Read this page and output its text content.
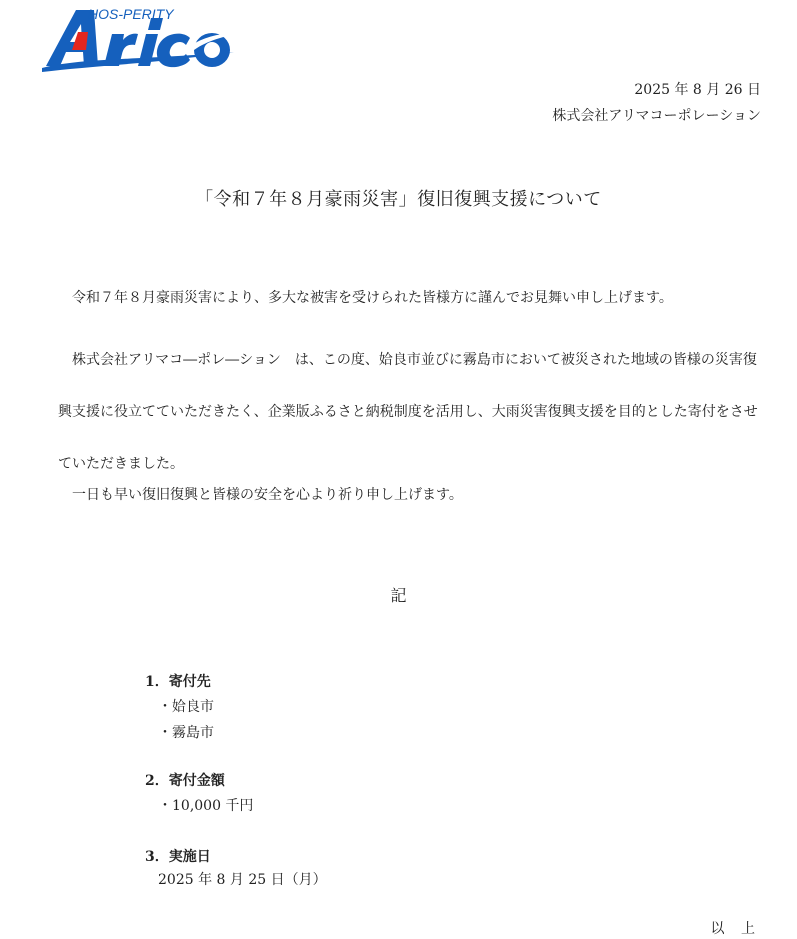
HOS-PERITY
Arico
2025 年 8 月 26 日
株式会社アリマコーポレーション
「令和７年８月豪雨災害」復旧復興支援について

令和７年８月豪雨災害により、多大な被害を受けられた皆様方に謹んでお見舞い申し上げます。

株式会社アリマコ―ポレ―ション　は、この度、姶良市並びに霧島市において被災された地域の皆様の災害復興支援に役立てていただきたく、企業版ふるさと納税制度を活用し、大雨災害復興支援を目的とした寄付をさせていただきました。

一日も早い復旧復興と皆様の安全を心より祈り申し上げます。

記
1．寄付先
・姶良市
・霧島市
2．寄付金額
・10,000 千円
3．実施日
2025 年 8 月 25 日（月）
以 上
